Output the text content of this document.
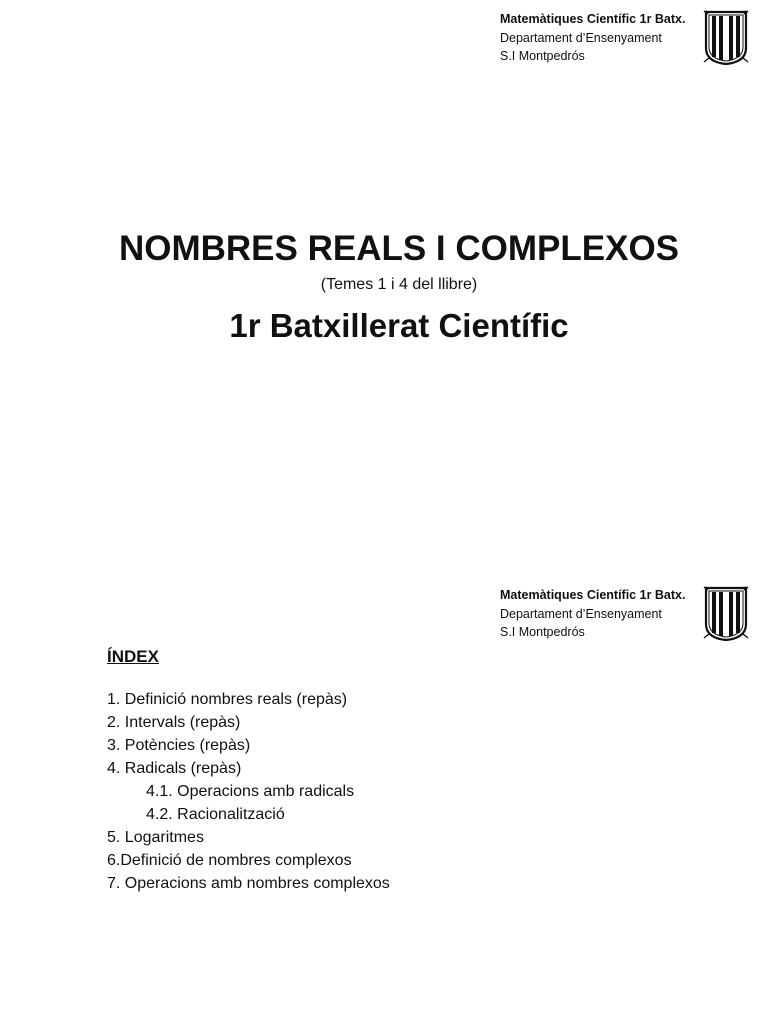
Matemàtiques Científic 1r Batx.
Departament d’Ensenyament
S.I Montpedrós
NOMBRES REALS I COMPLEXOS
(Temes 1 i 4 del llibre)
1r Batxillerat Científic
Matemàtiques Científic 1r Batx.
Departament d’Ensenyament
S.I Montpedrós
ÍNDEX
1. Definició nombres reals (repàs)
2. Intervals (repàs)
3. Potències (repàs)
4. Radicals (repàs)
4.1. Operacions amb radicals
4.2. Racionalització
5. Logaritmes
6.Definició de nombres complexos
7. Operacions amb nombres complexos
